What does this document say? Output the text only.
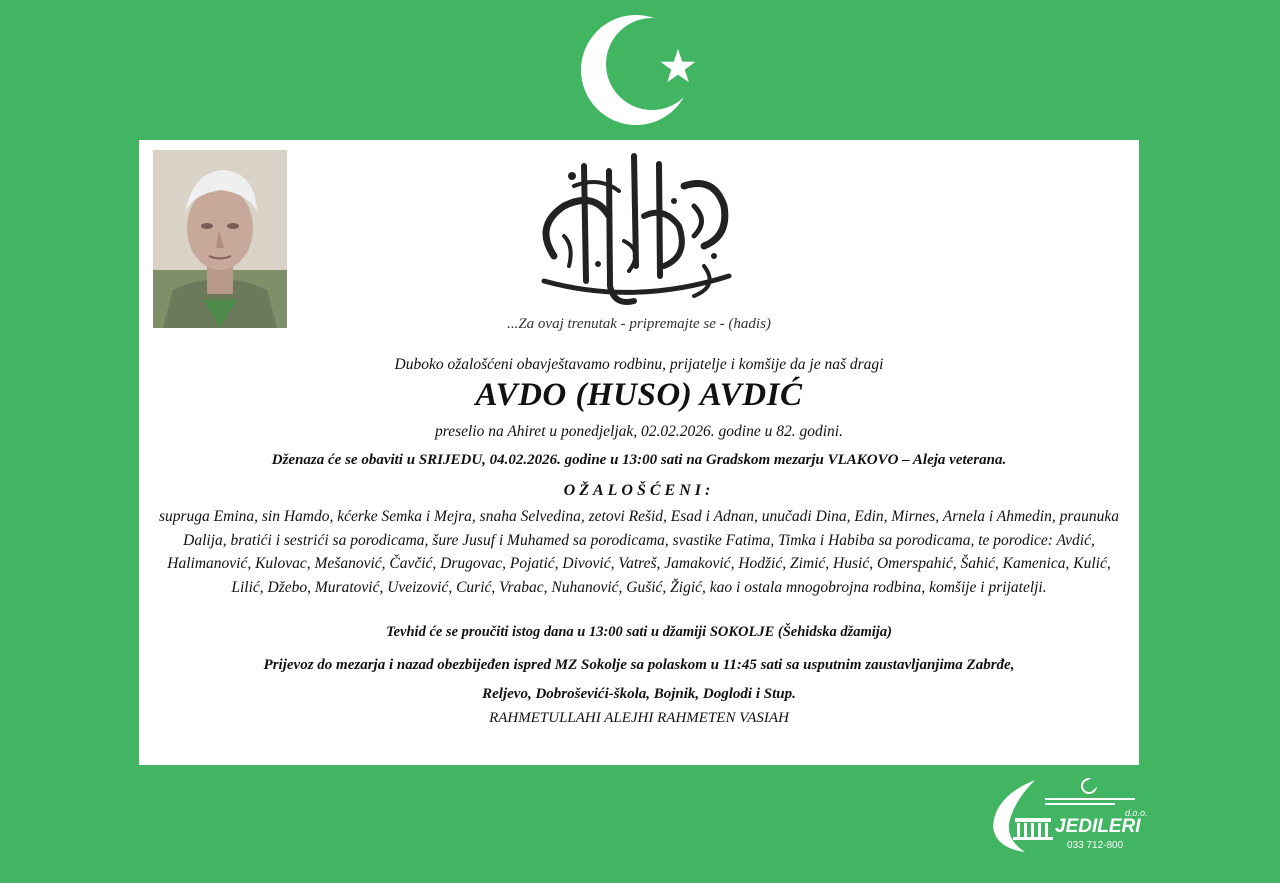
...Za ovaj trenutak - pripremajte se - (hadis)
Duboko ožalošćeni obavještavamo rodbinu, prijatelje i komšije da je naš dragi
AVDO (HUSO) AVDIĆ
preselio na Ahiret u ponedjeljak, 02.02.2026. godine u 82. godini.
Dženaza će se obaviti u SRIJEDU, 04.02.2026. godine u 13:00 sati na Gradskom mezarju VLAKOVO – Aleja veterana.
OŽALOŠĆENI:
supruga Emina, sin Hamdo, kćerke Semka i Mejra, snaha Selvedina, zetovi Rešid, Esad i Adnan, unučadi Dina, Edin, Mirnes, Arnela i Ahmedin, praunuka Dalija, bratići i sestrići sa porodicama, šure Jusuf i Muhamed sa porodicama, svastike Fatima, Timka i Habiba sa porodicama, te porodice: Avdić, Halimanović, Kulovac, Mešanović, Čavčić, Drugovac, Pojatić, Divović, Vatreš, Jamaković, Hodžić, Zimić, Husić, Omerspahić, Šahić, Kamenica, Kulić, Lilić, Džebo, Muratović, Uveizović, Curić, Vrabac, Nuhanović, Gušić, Žigić, kao i ostala mnogobrojna rodbina, komšije i prijatelji.
Tevhid će se proučiti istog dana u 13:00 sati u džamiji SOKOLJE (Šehidska džamija)
Prijevoz do mezarja i nazad obezbijeđen ispred MZ Sokolje sa polaskom u 11:45 sati sa usputnim zaustavljanjima Zabrđe,
Reljevo, Dobroševići-škola, Bojnik, Doglodi i Stup.
RAHMETULLAHI ALEJHI RAHMETEN VASIAH
JEDILERI
d.o.o.
033 712-800
